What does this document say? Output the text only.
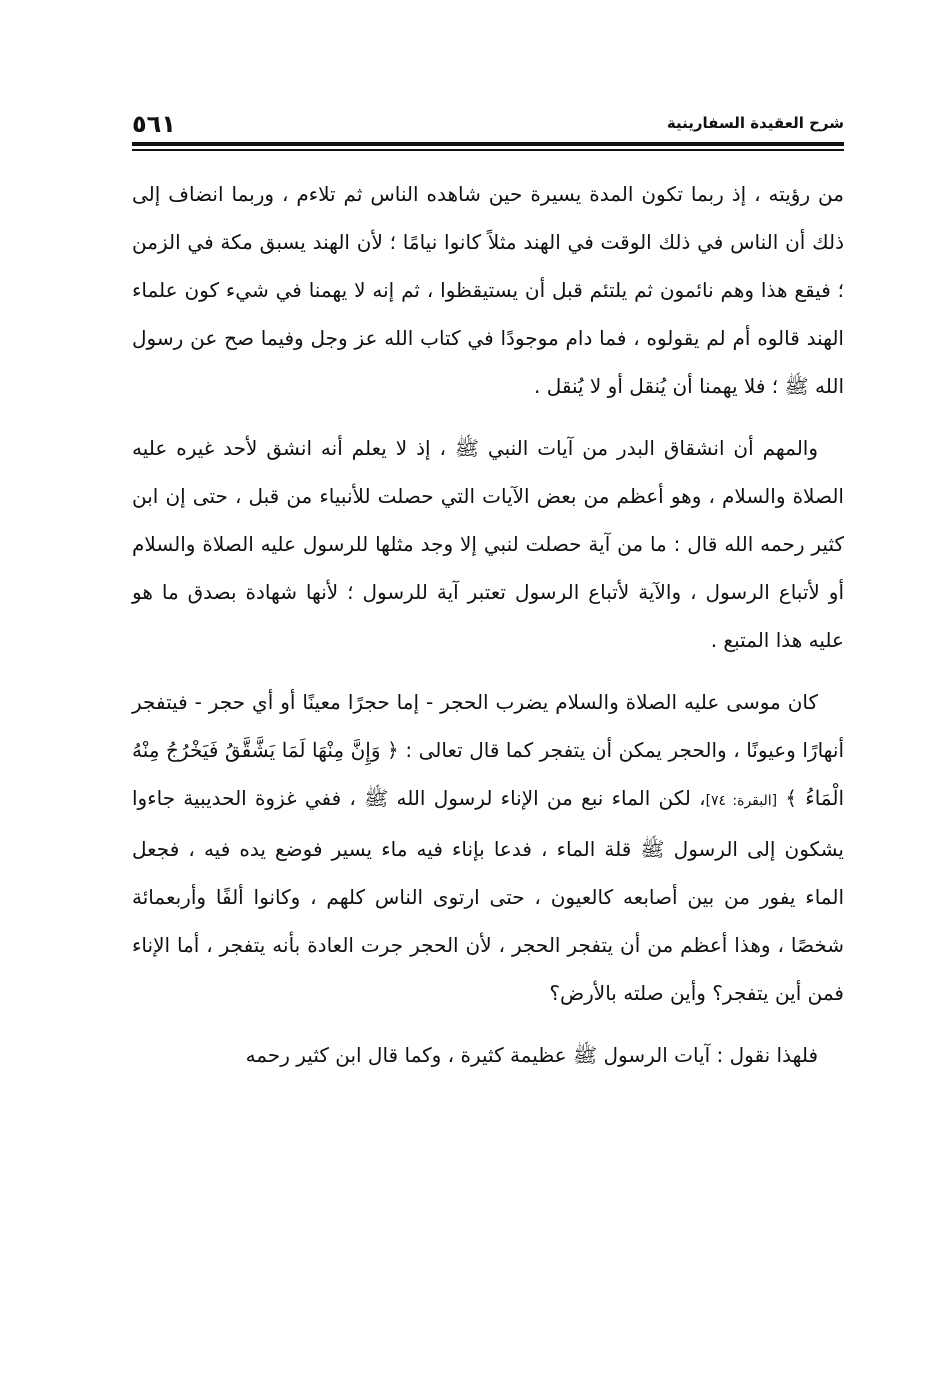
شرح العقيدة السفارينية
٥٦١

من رؤيته ، إذ ربما تكون المدة يسيرة حين شاهده الناس ثم تلاءم ، وربما انضاف إلى ذلك أن الناس في ذلك الوقت في الهند مثلاً كانوا نيامًا ؛ لأن الهند يسبق مكة في الزمن ؛ فيقع هذا وهم نائمون ثم يلتئم قبل أن يستيقظوا ، ثم إنه لا يهمنا في شيء كون علماء الهند قالوه أم لم يقولوه ، فما دام موجودًا في كتاب الله عز وجل وفيما صح عن رسول الله ﷺ ؛ فلا يهمنا أن يُنقل أو لا يُنقل .

والمهم أن انشقاق البدر من آيات النبي ﷺ ، إذ لا يعلم أنه انشق لأحد غيره عليه الصلاة والسلام ، وهو أعظم من بعض الآيات التي حصلت للأنبياء من قبل ، حتى إن ابن كثير رحمه الله قال : ما من آية حصلت لنبي إلا وجد مثلها للرسول عليه الصلاة والسلام أو لأتباع الرسول ، والآية لأتباع الرسول تعتبر آية للرسول ؛ لأنها شهادة بصدق ما هو عليه هذا المتبع .

كان موسى عليه الصلاة والسلام يضرب الحجر - إما حجرًا معينًا أو أي حجر - فيتفجر أنهارًا وعيونًا ، والحجر يمكن أن يتفجر كما قال تعالى : ﴿ وَإِنَّ مِنْهَا لَمَا يَشَّقَّقُ فَيَخْرُجُ مِنْهُ الْمَاءُ ﴾ [البقرة: ٧٤]، لكن الماء نبع من الإناء لرسول الله ﷺ ، ففي غزوة الحديبية جاءوا يشكون إلى الرسول ﷺ قلة الماء ، فدعا بإناء فيه ماء يسير فوضع يده فيه ، فجعل الماء يفور من بين أصابعه كالعيون ، حتى ارتوى الناس كلهم ، وكانوا ألفًا وأربعمائة شخصًا ، وهذا أعظم من أن يتفجر الحجر ، لأن الحجر جرت العادة بأنه يتفجر ، أما الإناء فمن أين يتفجر؟ وأين صلته بالأرض؟

فلهذا نقول : آيات الرسول ﷺ عظيمة كثيرة ، وكما قال ابن كثير رحمه
